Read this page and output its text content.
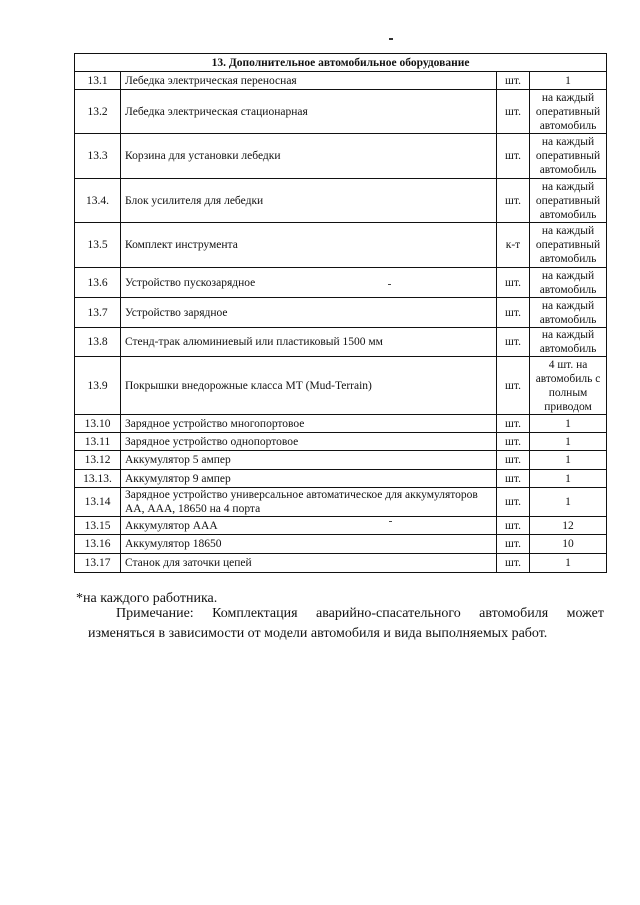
13. Дополнительное автомобильное оборудование			
13.1	Лебедка электрическая переносная	шт.	1
13.2	Лебедка электрическая стационарная	шт.	на каждый оперативный автомобиль
13.3	Корзина для установки лебедки	шт.	на каждый оперативный автомобиль
13.4.	Блок усилителя для лебедки	шт.	на каждый оперативный автомобиль
13.5	Комплект инструмента	к-т	на каждый оперативный автомобиль
13.6	Устройство пускозарядное	шт.	на каждый автомобиль
13.7	Устройство зарядное	шт.	на каждый автомобиль
13.8	Стенд-трак алюминиевый или пластиковый 1500 мм	шт.	на каждый автомобиль
13.9	Покрышки внедорожные класса МТ (Mud-Terrain)	шт.	4 шт. на автомобиль с полным приводом
13.10	Зарядное устройство многопортовое	шт.	1
13.11	Зарядное устройство однопортовое	шт.	1
13.12	Аккумулятор 5 ампер	шт.	1
13.13.	Аккумулятор 9 ампер	шт.	1
13.14	Зарядное устройство универсальное автоматическое для аккумуляторов АА, ААА, 18650 на 4 порта	шт.	1
13.15	Аккумулятор ААА	шт.	12
13.16	Аккумулятор 18650	шт.	10
13.17	Станок для заточки цепей	шт.	1
*на каждого работника.
Примечание: Комплектация аварийно-спасательного автомобиля может изменяться в зависимости от модели автомобиля и вида выполняемых работ.
